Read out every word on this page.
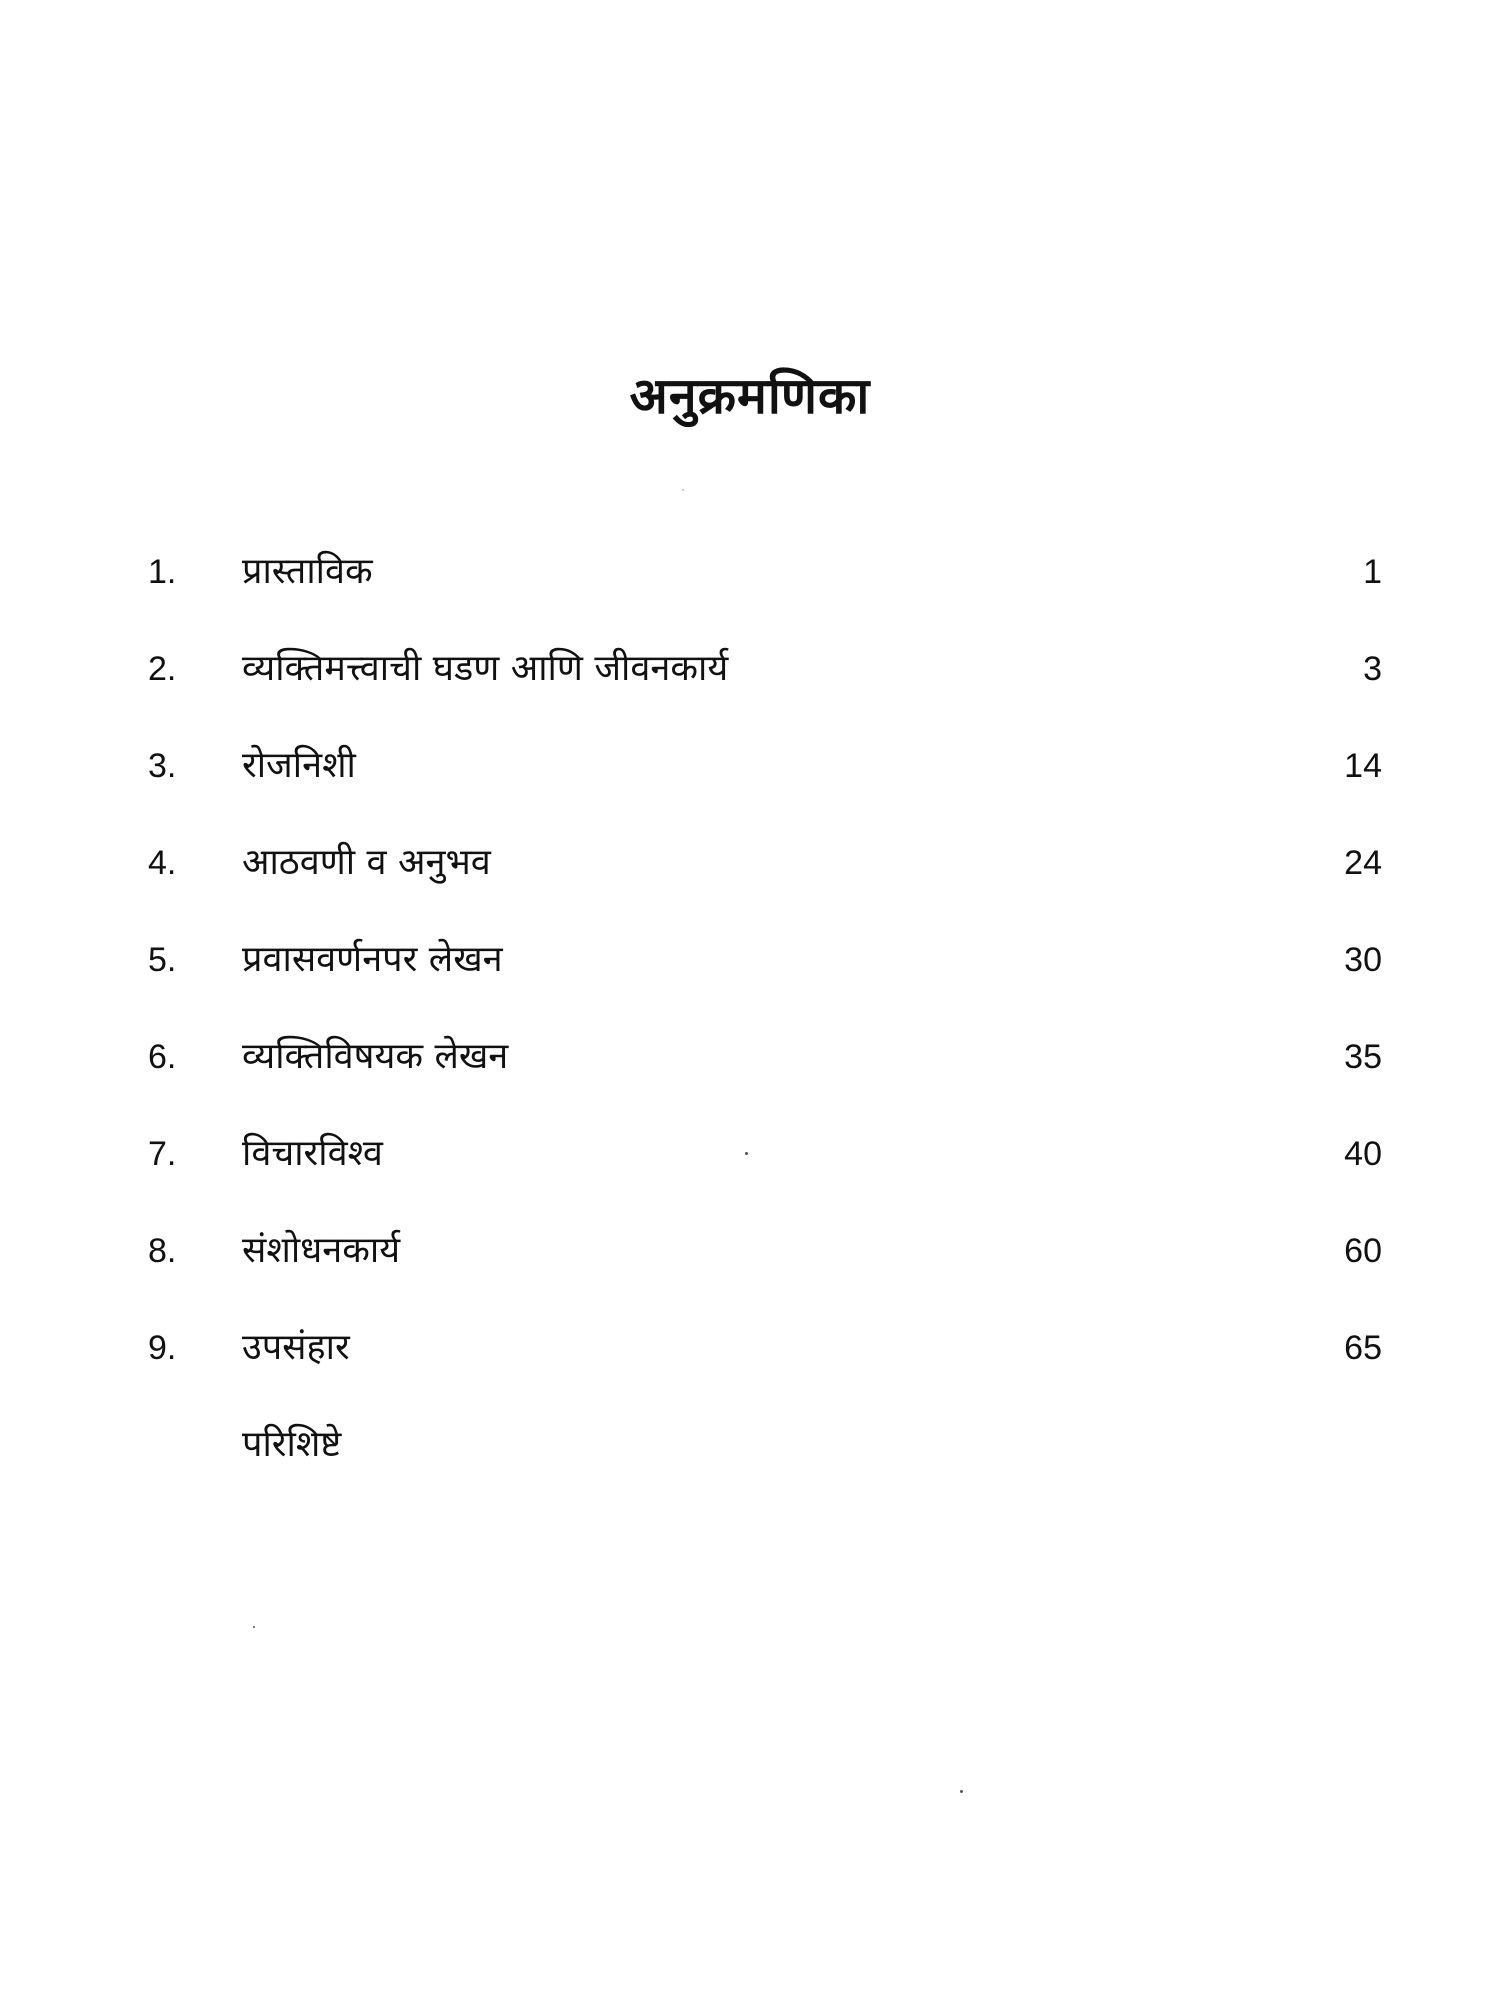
अनुक्रमणिका
1. प्रास्ताविक	1
2. व्यक्तिमत्त्वाची घडण आणि जीवनकार्य	3
3. रोजनिशी	14
4. आठवणी व अनुभव	24
5. प्रवासवर्णनपर लेखन	30
6. व्यक्तिविषयक लेखन	35
7. विचारविश्व	40
8. संशोधनकार्य	60
9. उपसंहार	65
परिशिष्टे
